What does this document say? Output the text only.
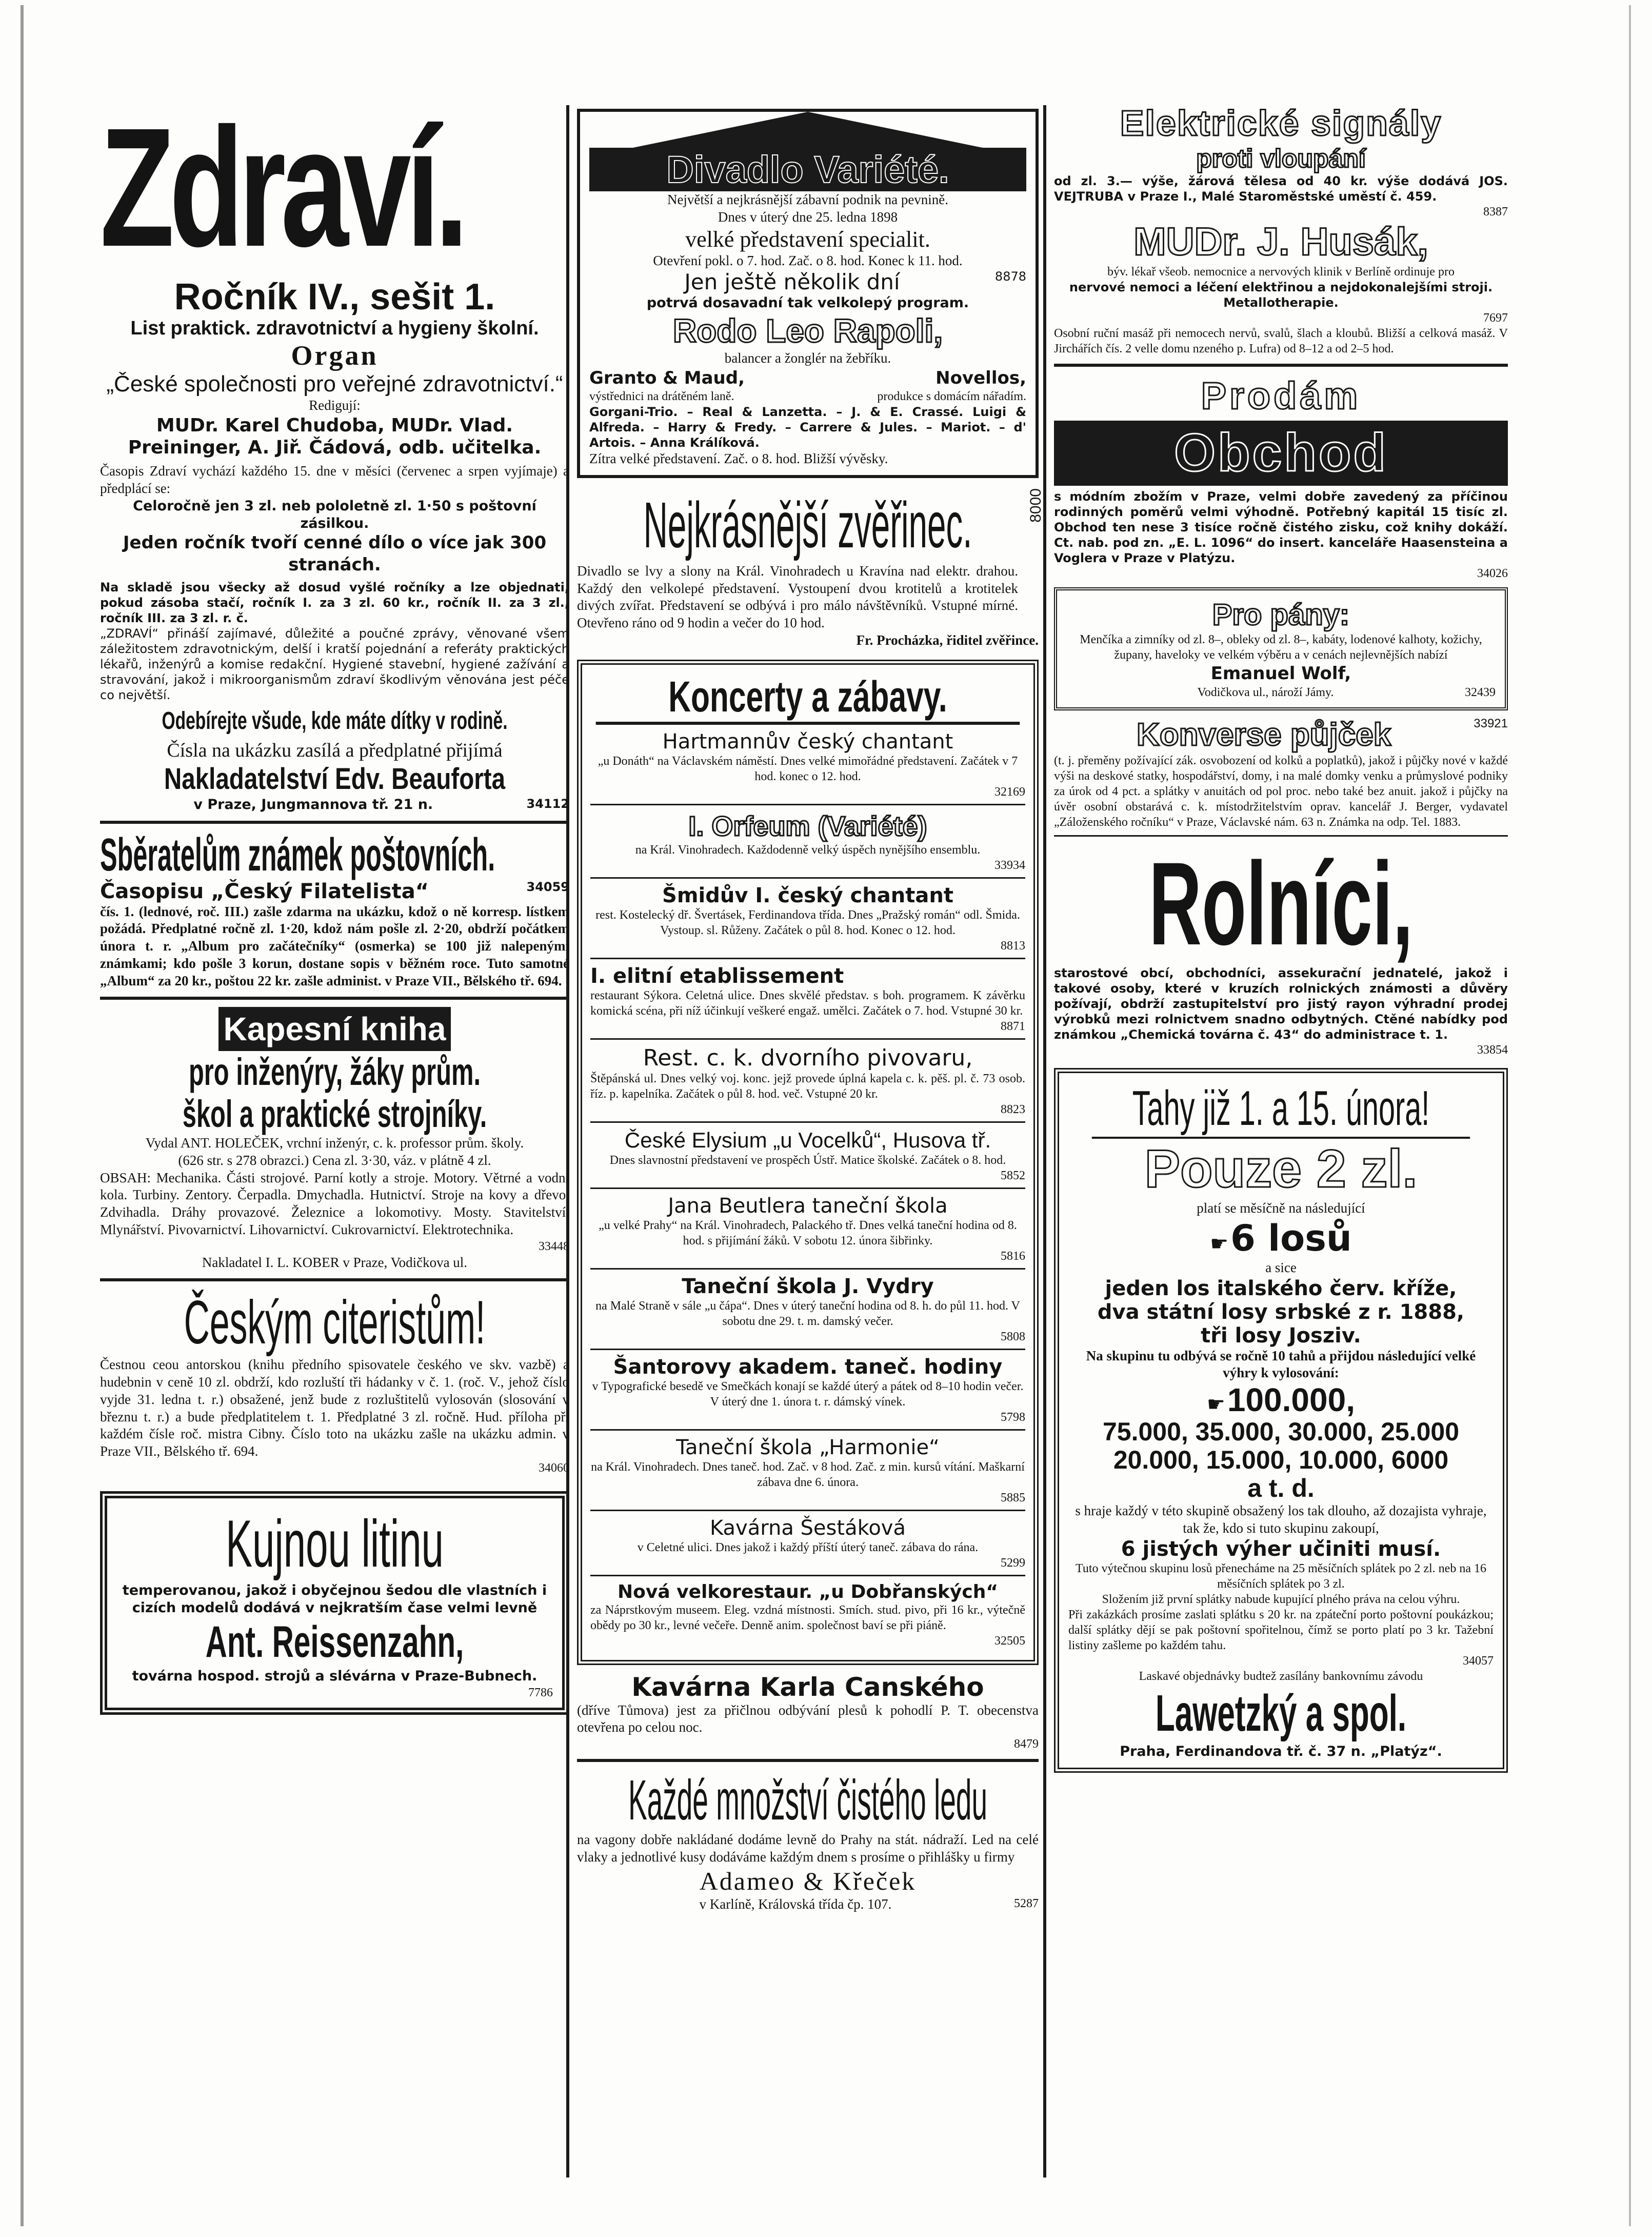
Zdraví.
Ročník IV., sešit 1.
List praktick. zdravotnictví a hygieny školní.
Organ
„České společnosti pro veřejné zdravotnictví.“
Redigují:
MUDr. Karel Chudoba, MUDr. Vlad. Preininger, A. Jiř. Čádová, odb. učitelka.
Časopis Zdraví vychází každého 15. dne v měsíci (červenec a srpen vyjímaje) a předplácí se:
Celoročně jen 3 zl. neb pololetně zl. 1·50 s poštovní zásilkou.
Jeden ročník tvoří cenné dílo o více jak 300 stranách.
Na skladě jsou všecky až dosud vyšlé ročníky a lze objednati, pokud zásoba stačí, ročník I. za 3 zl. 60 kr., ročník II. za 3 zl., ročník III. za 3 zl. r. č.
„ZDRAVÍ“ přináší zajímavé, důležité a poučné zprávy, věnované všem záležitostem zdravotnickým, delší i kratší pojednání a referáty praktických lékařů, inženýrů a komise redakční. Hygiené stavební, hygiené zažívání a stravování, jakož i mikroorganismům zdraví škodlivým věnována jest péče co největší.
Odebírejte všude, kde máte dítky v rodině.
Čísla na ukázku zasílá a předplatné přijímá
Nakladatelství Edv. Beauforta
v Praze, Jungmannova tř. 21 n.	34112
Sběratelům známek poštovních.
Časopisu „Český Filatelista“	34059
čís. 1. (lednové, roč. III.) zašle zdarma na ukázku, kdož o ně korresp. lístkem požádá. Předplatné ročně zl. 1·20, kdož nám pošle zl. 2·20, obdrží počátkem února t. r. „Album pro začátečníky“ (osmerka) se 100 již nalepenými známkami; kdo pošle 3 korun, dostane sopis v běžném roce. Tuto samotné „Album“ za 20 kr., poštou 22 kr. zašle administ. v Praze VII., Bělského tř. 694.
Kapesní kniha
pro inženýry, žáky prům.
škol a praktické strojníky.
Vydal ANT. HOLEČEK, vrchní inženýr, c. k. professor prům. školy.
(626 str. s 278 obrazci.) Cena zl. 3·30, váz. v plátně 4 zl.
OBSAH: Mechanika. Části strojové. Parní kotly a stroje. Motory. Větrné a vodní kola. Turbiny. Zentory. Čerpadla. Dmychadla. Hutnictví. Stroje na kovy a dřevo. Zdvihadla. Dráhy provazové. Železnice a lokomotivy. Mosty. Stavitelství. Mlynářství. Pivovarnictví. Lihovarnictví. Cukrovarnictví. Elektrotechnika.
33448
Nakladatel I. L. KOBER v Praze, Vodičkova ul.
Českým citeristům!
Čestnou ceou antorskou (knihu předního spisovatele českého ve skv. vazbě) a hudebnin v ceně 10 zl. obdrží, kdo rozluští tři hádanky v č. 1. (roč. V., jehož číslo vyjde 31. ledna t. r.) obsažené, jenž bude z rozluštitelů vylosován (slosování v březnu t. r.) a bude předplatitelem t. 1. Předplatné 3 zl. ročně. Hud. příloha při každém čísle roč. mistra Cibny. Číslo toto na ukázku zašle na ukázku admin. v Praze VII., Bělského tř. 694.
34060
Kujnou litinu
temperovanou, jakož i obyčejnou šedou dle vlastních i cizích modelů dodává v nejkratším čase velmi levně
Ant. Reissenzahn,
továrna hospod. strojů a slévárna v Praze-Bubnech.
7786
Divadlo Variété.
Největší a nejkrásnější zábavní podnik na pevnině.
Dnes v úterý dne 25. ledna 1898
velké představení specialit.
Otevření pokl. o 7. hod. Zač. o 8. hod. Konec k 11. hod.
Jen ještě několik dní	8878
potrvá dosavadní tak velkolepý program.
Rodo Leo Rapoli,
balancer a žonglér na žebříku.
Granto & Maud,
výstřednici na drátěném laně.
Novellos,
produkce s domácím nářadím.
Gorgani-Trio. – Real & Lanzetta. – J. & E. Crassé. Luigi & Alfreda. – Harry & Fredy. – Carrere & Jules. – Mariot. – d' Artois. – Anna Králíková.
Zítra velké představení. Zač. o 8. hod. Bližší vývěsky.
Nejkrásnější zvěřinec.	8000
Divadlo se lvy a slony na Král. Vinohradech u Kravína nad elektr. drahou. Každý den velkolepé představení. Vystoupení dvou krotitelů a krotitelek divých zvířat. Představení se odbývá i pro málo návštěvníků. Vstupné mírné. Otevřeno ráno od 9 hodin a večer do 10 hod.
Fr. Procházka, řiditel zvěřince.
Koncerty a zábavy.
Hartmannův český chantant
„u Donáth“ na Václavském náměstí. Dnes velké mimořádné představení. Začátek v 7 hod. konec o 12. hod.
32169
I. Orfeum (Variété)
na Král. Vinohradech. Každodenně velký úspěch nynějšího ensemblu.
33934
Šmidův I. český chantant
rest. Kostelecký dř. Švertásek, Ferdinandova třída. Dnes „Pražský román“ odl. Šmida. Vystoup. sl. Růženy. Začátek o půl 8. hod. Konec o 12. hod.
8813
I. elitní etablissement
restaurant Sýkora. Celetná ulice. Dnes skvělé představ. s boh. programem. K závěrku komická scéna, při níž účinkují veškeré engaž. umělci. Začátek o 7. hod. Vstupné 30 kr.
8871
Rest. c. k. dvorního pivovaru,
Štěpánská ul. Dnes velký voj. konc. jejž provede úplná kapela c. k. pěš. pl. č. 73 osob. říz. p. kapelníka. Začátek o půl 8. hod. več. Vstupné 20 kr.
8823
České Elysium „u Vocelků“, Husova tř.
Dnes slavnostní představení ve prospěch Ústř. Matice školské. Začátek o 8. hod.
5852
Jana Beutlera taneční škola
„u velké Prahy“ na Král. Vinohradech, Palackého tř. Dnes velká taneční hodina od 8. hod. s přijímání žáků. V sobotu 12. února šibřinky.
5816
Taneční škola J. Vydry
na Malé Straně v sále „u čápa“. Dnes v úterý taneční hodina od 8. h. do půl 11. hod. V sobotu dne 29. t. m. damský večer.
5808
Šantorovy akadem. taneč. hodiny
v Typografické besedě ve Smečkách konají se každé úterý a pátek od 8–10 hodin večer. V úterý dne 1. února t. r. dámský vínek.
5798
Taneční škola „Harmonie“
na Král. Vinohradech. Dnes taneč. hod. Zač. v 8 hod. Zač. z min. kursů vítání. Maškarní zábava dne 6. února.
5885
Kavárna Šestáková
v Celetné ulici. Dnes jakož i každý příští úterý taneč. zábava do rána.
5299
Nová velkorestaur. „u Dobřanských“
za Náprstkovým museem. Eleg. vzdná místnosti. Smích. stud. pivo, při 16 kr., výtečně obědy po 30 kr., levné večeře. Denně anim. společnost baví se při piáně.
32505
Kavárna Karla Canského
(dříve Tůmova) jest za přičlnou odbývání plesů k pohodlí P. T. obecenstva otevřena po celou noc.
8479
Každé množství čistého ledu
na vagony dobře nakládané dodáme levně do Prahy na stát. nádraží. Led na celé vlaky a jednotlivé kusy dodáváme každým dnem s prosíme o přihlášky u firmy
Adameo & Křeček
v Karlíně, Královská třída čp. 107.	5287
Elektrické signály
proti vloupání
od zl. 3.— výše, žárová tělesa od 40 kr. výše dodává JOS. VEJTRUBA v Praze I., Malé Staroměstské uměstí č. 459.
8387
MUDr. J. Husák,
býv. lékař všeob. nemocnice a nervových klinik v Berlíně ordinuje pro
nervové nemoci a léčení elektřinou a nejdokonalejšími stroji. Metallotherapie.
7697
Osobní ruční masáž při nemocech nervů, svalů, šlach a kloubů. Bližší a celková masáž. V Jirchářích čís. 2 velle domu nzeného p. Lufra) od 8–12 a od 2–5 hod.
Prodám
Obchod
s módním zbožím v Praze, velmi dobře zavedený za příčinou rodinných poměrů velmi výhodně. Potřebný kapitál 15 tisíc zl. Obchod ten nese 3 tisíce ročně čistého zisku, což knihy dokáží. Ct. nab. pod zn. „E. L. 1096“ do insert. kanceláře Haasensteina a Voglera v Praze v Platýzu.
34026
Pro pány:
Menčíka a zimníky od zl. 8–, obleky od zl. 8–, kabáty, lodenové kalhoty, kožichy, župany, haveloky ve velkém výběru a v cenách nejlevnějších nabízí
Emanuel Wolf,
Vodičkova ul., nároží Jámy.	32439
Konverse půjček	33921
(t. j. přeměny požívající zák. osvobození od kolků a poplatků), jakož i půjčky nové v každé výši na deskové statky, hospodářství, domy, i na malé domky venku a průmyslové podniky za úrok od 4 pct. a splátky v anuitách od pol proc. nebo také bez anuit. jakož i půjčky na úvěr osobní obstarává c. k. místodržitelstvím oprav. kancelář J. Berger, vydavatel „Záloženského ročníku“ v Praze, Václavské nám. 63 n. Známka na odp. Tel. 1883.
Rolníci,
starostové obcí, obchodníci, assekurační jednatelé, jakož i takové osoby, které v kruzích rolnických známosti a důvěry požívají, obdrží zastupitelství pro jistý rayon výhradní prodej výrobků mezi rolnictvem snadno odbytných. Ctěné nabídky pod známkou „Chemická továrna č. 43“ do administrace t. 1.
33854
Tahy již 1. a 15. února!
Pouze 2 zl.
platí se měsíčně na následující
☛ 6 losů
a sice
jeden los italského červ. kříže,
dva státní losy srbské z r. 1888,
tři losy Josziv.
Na skupinu tu odbývá se ročně 10 tahů a přijdou následující velké výhry k vylosování:
☛ 100.000,
75.000, 35.000, 30.000, 25.000
20.000, 15.000, 10.000, 6000
a t. d.
s hraje každý v této skupině obsažený los tak dlouho, až dozajista vyhraje, tak že, kdo si tuto skupinu zakoupí,
6 jistých výher učiniti musí.
Tuto výtečnou skupinu losů přenecháme na 25 měsíčních splátek po 2 zl. neb na 16 měsíčních splátek po 3 zl.
Složením již první splátky nabude kupující plného práva na celou výhru.
Při zakázkách prosíme zaslati splátku s 20 kr. na zpáteční porto poštovní poukázkou; další splátky dějí se pak poštovní spořitelnou, čímž se porto platí po 3 kr. Tažební listiny zašleme po každém tahu.
34057
Laskavé objednávky budtež zasílány bankovnímu závodu
Lawetzký a spol.
Praha, Ferdinandova tř. č. 37 n. „Platýz“.
